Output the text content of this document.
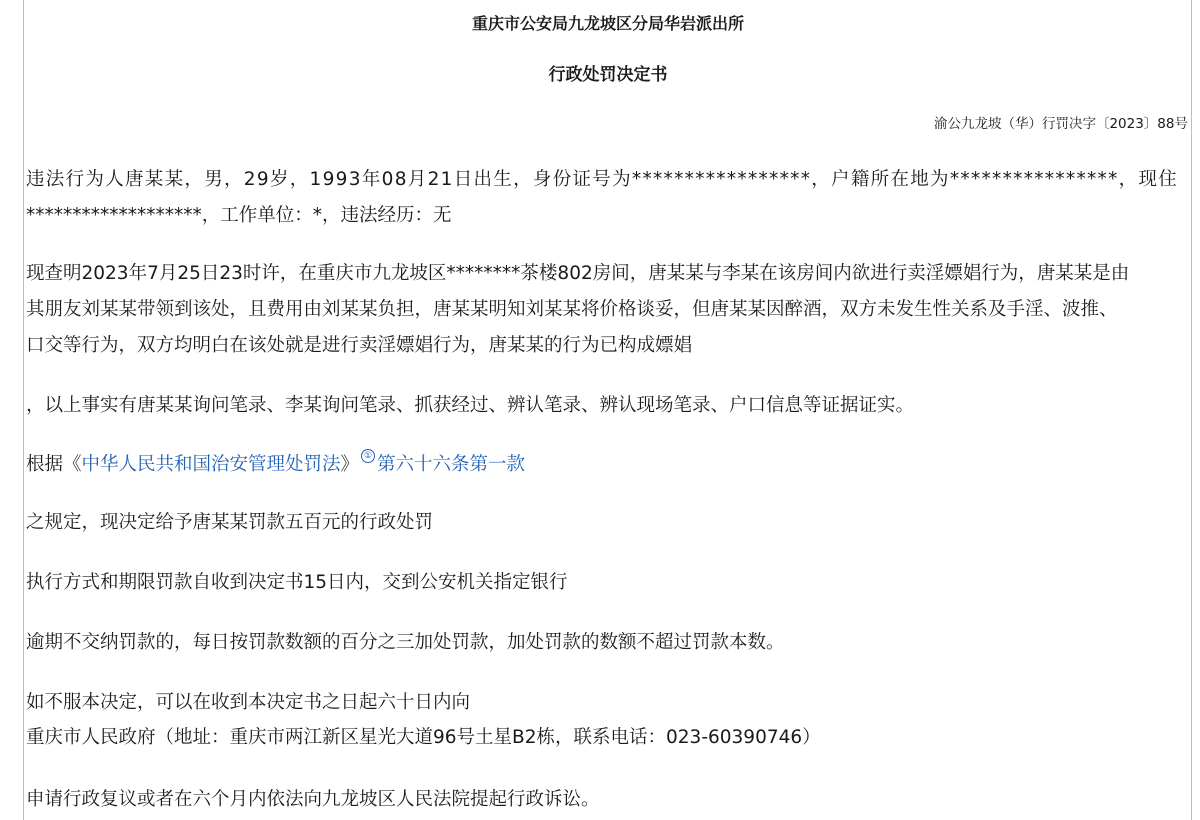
重庆市公安局九龙坡区分局华岩派出所
行政处罚决定书
渝公九龙坡（华）行罚决字〔2023〕88号
违法行为人唐某某，男，29岁，1993年08月21日出生，身份证号为*****************，户籍所在地为****************，现住
*******************，工作单位：*，违法经历：无
现查明2023年7月25日23时许，在重庆市九龙坡区********茶楼802房间，唐某某与李某在该房间内欲进行卖淫嫖娼行为，唐某某是由
其朋友刘某某带领到该处，且费用由刘某某负担，唐某某明知刘某某将价格谈妥，但唐某某因醉酒，双方未发生性关系及手淫、波推、
口交等行为，双方均明白在该处就是进行卖淫嫖娼行为，唐某某的行为已构成嫖娼
，以上事实有唐某某询问笔录、李某询问笔录、抓获经过、辨认笔录、辨认现场笔录、户口信息等证据证实。
根据《中华人民共和国治安管理处罚法》 ① 第六十六条第一款
之规定，现决定给予唐某某罚款五百元的行政处罚
执行方式和期限罚款自收到决定书15日内，交到公安机关指定银行
逾期不交纳罚款的，每日按罚款数额的百分之三加处罚款，加处罚款的数额不超过罚款本数。
如不服本决定，可以在收到本决定书之日起六十日内向
重庆市人民政府（地址：重庆市两江新区星光大道96号土星B2栋，联系电话：023-60390746）
申请行政复议或者在六个月内依法向九龙坡区人民法院提起行政诉讼。
